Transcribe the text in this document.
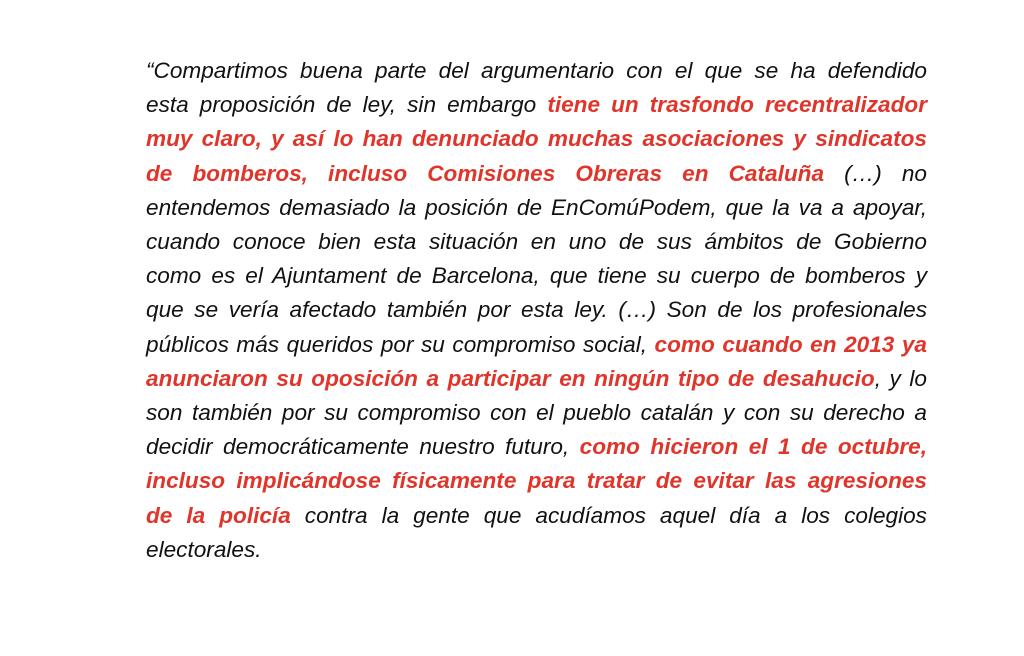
“Compartimos buena parte del argumentario con el que se ha defendido esta proposición de ley, sin embargo tiene un trasfondo recentralizador muy claro, y así lo han denunciado muchas asociaciones y sindicatos de bomberos, incluso Comisiones Obreras en Cataluña (…) no entendemos demasiado la posición de EnComúPodem, que la va a apoyar, cuando conoce bien esta situación en uno de sus ámbitos de Gobierno como es el Ajuntament de Barcelona, que tiene su cuerpo de bomberos y que se vería afectado también por esta ley. (…) Son de los profesionales públicos más queridos por su compromiso social, como cuando en 2013 ya anunciaron su oposición a participar en ningún tipo de desahucio, y lo son también por su compromiso con el pueblo catalán y con su derecho a decidir democráticamente nuestro futuro, como hicieron el 1 de octubre, incluso implicándose físicamente para tratar de evitar las agresiones de la policía contra la gente que acudíamos aquel día a los colegios electorales.
